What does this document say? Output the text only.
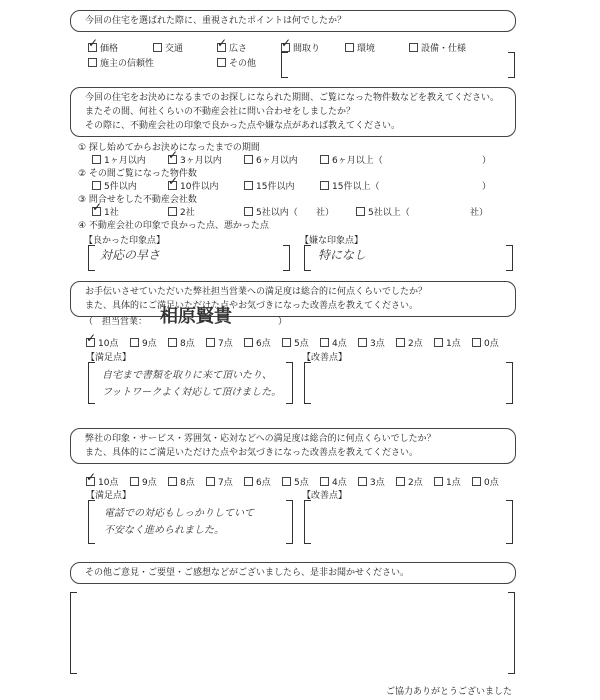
今回の住宅を選ばれた際に、重視されたポイントは何でしたか？
✓価格	交通 ✓	広さ ✓	間取り	環境	設備・仕様
施主の信頼性	その他
今回の住宅をお決めになるまでのお探しになられた期間、ご覧になった物件数などを教えてください。
またその間、何社くらいの不動産会社に問い合わせをしましたか？
その際に、不動産会社の印象で良かった点や嫌な点があれば教えてください。
① 探し始めてからお決めになったまでの期間
1ヶ月以内 ✓	3ヶ月以内	6ヶ月以内	6ヶ月以上（	）
② その間ご覧になった物件数
5件以内 ✓	10件以内	15件以内	15件以上（	）
③ 問合せをした不動産会社数
✓1社	2社	5社以内（ 社）	5社以上（	社）
④ 不動産会社の印象で良かった点、悪かった点
【良かった印象点】
対応の早さ
【嫌な印象点】
特になし
お手伝いさせていただいた弊社担当営業への満足度は総合的に何点くらいでしたか？
また、具体的にご満足いただけた点やお気づきになった改善点を教えてください。
（　担当営業： 相原賢貴	）
✓10点	9点	8点	7点	6点	5点	4点	3点	2点	1点	0点
【満足点】
自宅まで書類を取りに来て頂いたり、
フットワークよく対応して頂けました。
【改善点】
弊社の印象・サービス・雰囲気・応対などへの満足度は総合的に何点くらいでしたか？
また、具体的にご満足いただけた点やお気づきになった改善点を教えてください。
✓10点	9点	8点	7点	6点	5点	4点	3点	2点	1点	0点
【満足点】
電話での対応もしっかりしていて
不安なく進められました。
【改善点】
その他ご意見・ご要望・ご感想などがございましたら、是非お聞かせください。
ご協力ありがとうございました
